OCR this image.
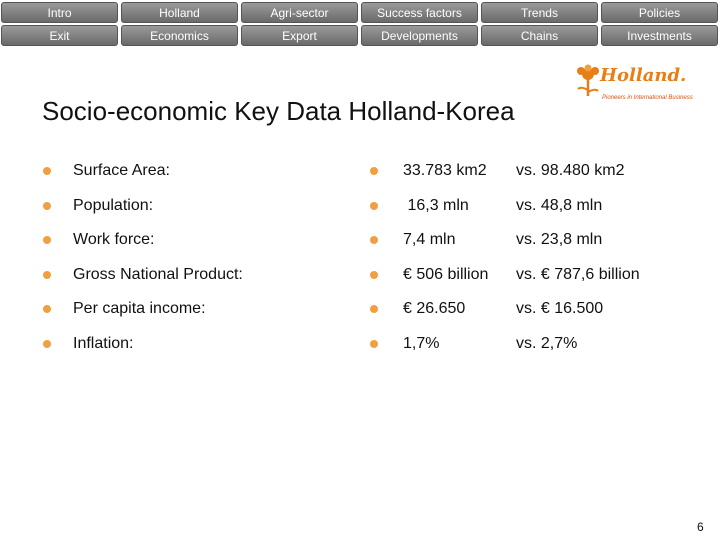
Intro	Holland	Agri-sector	Success factors	Trends	Policies
Exit	Economics	Export	Developments	Chains	Investments
Holland.
Pioneers in International Business
Socio-economic Key Data Holland-Korea
Surface Area:	33.783 km2 vs. 98.480 km2
Population:	16,3 mln	vs. 48,8 mln
Work force:	7,4 mln	vs. 23,8 mln
Gross National Product:	€ 506 billion vs. € 787,6 billion
Per capita income:	€ 26.650	vs. € 16.500
Inflation:	1,7%	vs. 2,7%
6
